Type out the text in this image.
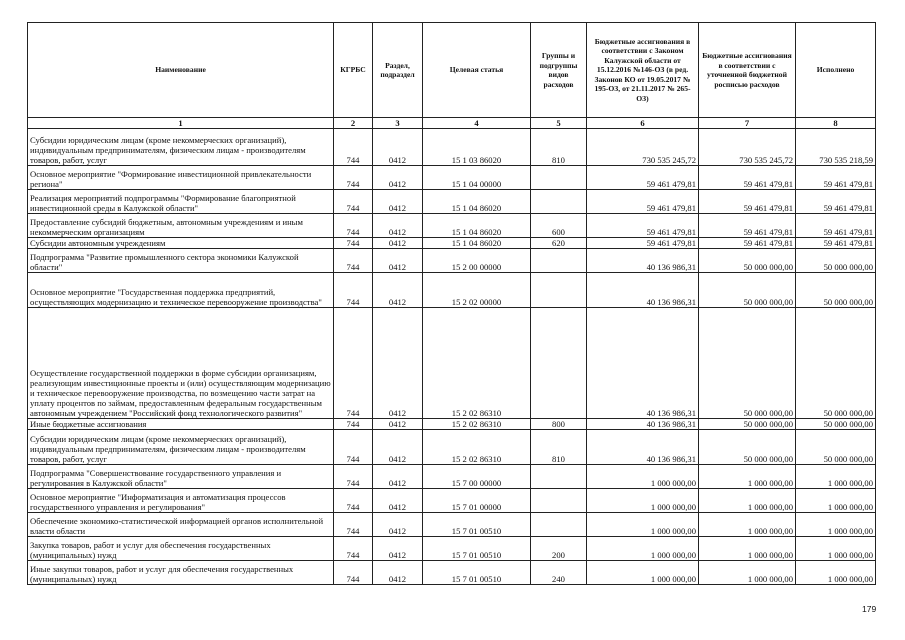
Наименование	КГРБС	Раздел, подраздел	Целевая статья	Группы и подгруппы видов расходов	Бюджетные ассигнования в соответствии с Законом Калужской области от 15.12.2016 №146-ОЗ (в ред. Законов КО от 19.05.2017 № 195-ОЗ, от 21.11.2017 № 265-ОЗ)	Бюджетные ассигнования в соответствии с уточненной бюджетной росписью расходов	Исполнено
1	2	3	4	5	6	7	8
Субсидии юридическим лицам (кроме некоммерческих организаций), индивидуальным предпринимателям, физическим лицам - производителям товаров, работ, услуг	744	0412	15 1 03 86020	810	730 535 245,72	730 535 245,72	730 535 218,59
Основное мероприятие "Формирование инвестиционной привлекательности региона"	744	0412	15 1 04 00000		59 461 479,81	59 461 479,81	59 461 479,81
Реализация мероприятий подпрограммы "Формирование благоприятной инвестиционной среды в Калужской области"	744	0412	15 1 04 86020		59 461 479,81	59 461 479,81	59 461 479,81
Предоставление субсидий бюджетным, автономным учреждениям и иным некоммерческим организациям	744	0412	15 1 04 86020	600	59 461 479,81	59 461 479,81	59 461 479,81
Субсидии автономным учреждениям	744	0412	15 1 04 86020	620	59 461 479,81	59 461 479,81	59 461 479,81
Подпрограмма "Развитие промышленного сектора экономики Калужской области"	744	0412	15 2 00 00000		40 136 986,31	50 000 000,00	50 000 000,00
Основное мероприятие "Государственная поддержка предприятий, осуществляющих модернизацию и техническое перевооружение производства"	744	0412	15 2 02 00000		40 136 986,31	50 000 000,00	50 000 000,00
Осуществление государственной поддержки в форме субсидии организациям, реализующим инвестиционные проекты и (или) осуществляющим модернизацию и техническое перевооружение производства, по возмещению части затрат на уплату процентов по займам, предоставленным федеральным государственным автономным учреждением "Российский фонд технологического развития"	744	0412	15 2 02 86310		40 136 986,31	50 000 000,00	50 000 000,00
Иные бюджетные ассигнования	744	0412	15 2 02 86310	800	40 136 986,31	50 000 000,00	50 000 000,00
Субсидии юридическим лицам (кроме некоммерческих организаций), индивидуальным предпринимателям, физическим лицам - производителям товаров, работ, услуг	744	0412	15 2 02 86310	810	40 136 986,31	50 000 000,00	50 000 000,00
Подпрограмма "Совершенствование государственного управления и регулирования в Калужской области"	744	0412	15 7 00 00000		1 000 000,00	1 000 000,00	1 000 000,00
Основное мероприятие "Информатизация и автоматизация процессов государственного управления и регулирования"	744	0412	15 7 01 00000		1 000 000,00	1 000 000,00	1 000 000,00
Обеспечение экономико-статистической информацией органов исполнительной власти области	744	0412	15 7 01 00510		1 000 000,00	1 000 000,00	1 000 000,00
Закупка товаров, работ и услуг для обеспечения государственных (муниципальных) нужд	744	0412	15 7 01 00510	200	1 000 000,00	1 000 000,00	1 000 000,00
Иные закупки товаров, работ и услуг для обеспечения государственных (муниципальных) нужд	744	0412	15 7 01 00510	240	1 000 000,00	1 000 000,00	1 000 000,00
179
